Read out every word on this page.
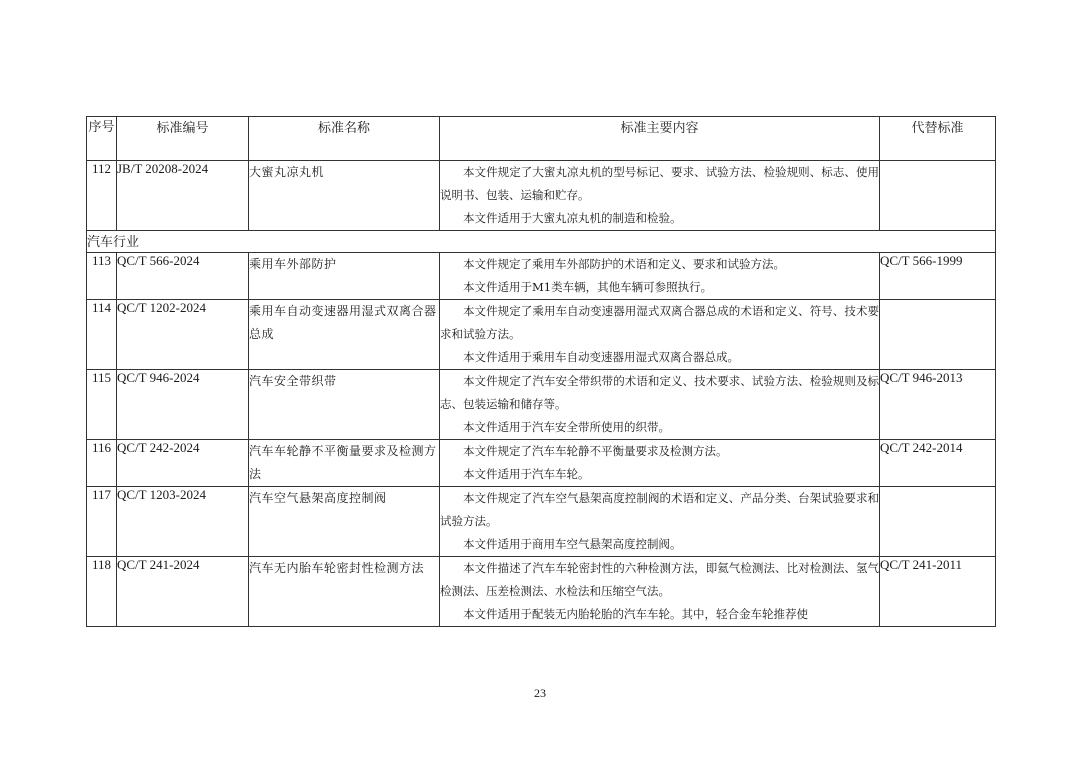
序号	标准编号	标准名称	标准主要内容	代替标准
112	JB/T 20208-2024	大蜜丸凉丸机	本文件规定了大蜜丸凉丸机的型号标记、要求、试验方法、检验规则、标志、使用说明书、包装、运输和贮存。

本文件适用于大蜜丸凉丸机的制造和检验。	

汽车行业				
113	QC/T 566-2024	乘用车外部防护	本文件规定了乘用车外部防护的术语和定义、要求和试验方法。

本文件适用于M1类车辆，其他车辆可参照执行。	QC/T 566-1999
114	QC/T 1202-2024	乘用车自动变速器用湿式双离合器总成	本文件规定了乘用车自动变速器用湿式双离合器总成的术语和定义、符号、技术要求和试验方法。

本文件适用于乘用车自动变速器用湿式双离合器总成。	

115	QC/T 946-2024	汽车安全带织带	本文件规定了汽车安全带织带的术语和定义、技术要求、试验方法、检验规则及标志、包装运输和储存等。

本文件适用于汽车安全带所使用的织带。	QC/T 946-2013
116	QC/T 242-2024	汽车车轮静不平衡量要求及检测方法	本文件规定了汽车车轮静不平衡量要求及检测方法。

本文件适用于汽车车轮。	QC/T 242-2014
117	QC/T 1203-2024	汽车空气悬架高度控制阀	本文件规定了汽车空气悬架高度控制阀的术语和定义、产品分类、台架试验要求和试验方法。

本文件适用于商用车空气悬架高度控制阀。	

118	QC/T 241-2024	汽车无内胎车轮密封性检测方法	本文件描述了汽车车轮密封性的六种检测方法，即氦气检测法、比对检测法、氢气检测法、压差检测法、水检法和压缩空气法。

本文件适用于配装无内胎轮胎的汽车车轮。其中，轻合金车轮推荐使	QC/T 241-2011
23
